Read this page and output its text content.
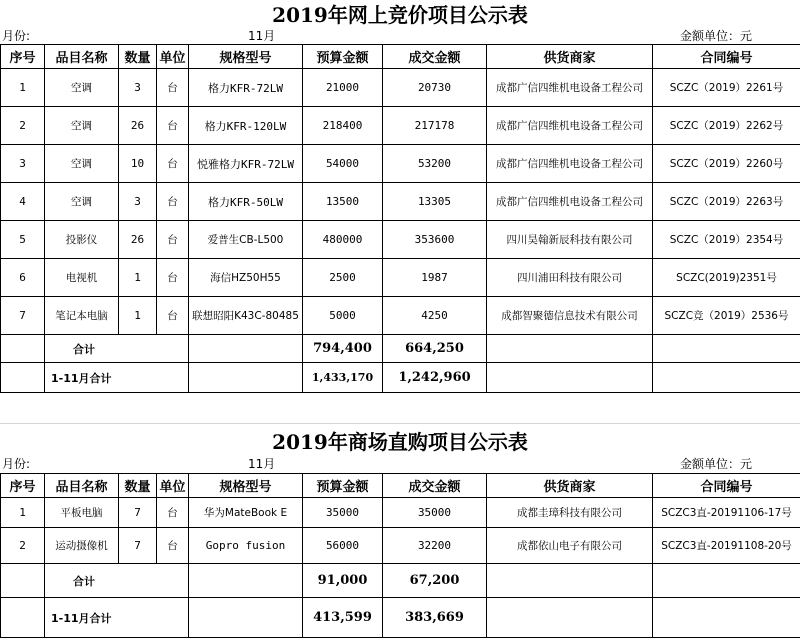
2019年网上竞价项目公示表
月份:	11月	金额单位：元
序号	品目名称	数量	单位	规格型号	预算金额	成交金额	供货商家	合同编号
1	空调	3	台	格力KFR-72LW	21000	20730	成都广信四维机电设备工程公司	SCZC（2019）2261号
2	空调	26	台	格力KFR-120LW	218400	217178	成都广信四维机电设备工程公司	SCZC（2019）2262号
3	空调	10	台	悦雅格力KFR-72LW	54000	53200	成都广信四维机电设备工程公司	SCZC（2019）2260号
4	空调	3	台	格力KFR-50LW	13500	13305	成都广信四维机电设备工程公司	SCZC（2019）2263号
5	投影仪	26	台	爱普生CB-L500	480000	353600	四川昊翰新辰科技有限公司	SCZC（2019）2354号
6	电视机	1	台	海信HZ50H55	2500	1987	四川浦田科技有限公司	SCZC(2019)2351号
7	笔记本电脑	1	台	联想昭阳K43C-80485	5000	4250	成都智聚德信息技术有限公司	SCZC竞（2019）2536号
	合计				794,400	664,250		
	1-11月合计				1,433,170	1,242,960		
2019年商场直购项目公示表
月份:	11月	金额单位：元
序号	品目名称	数量	单位	规格型号	预算金额	成交金额	供货商家	合同编号
1	平板电脑	7	台	华为MateBook E	35000	35000	成都圭璋科技有限公司	SCZC3直-20191106-17号
2	运动摄像机	7	台	Gopro fusion	56000	32200	成都依山电子有限公司	SCZC3直-20191108-20号
	合计				91,000	67,200		
	1-11月合计				413,599	383,669		
